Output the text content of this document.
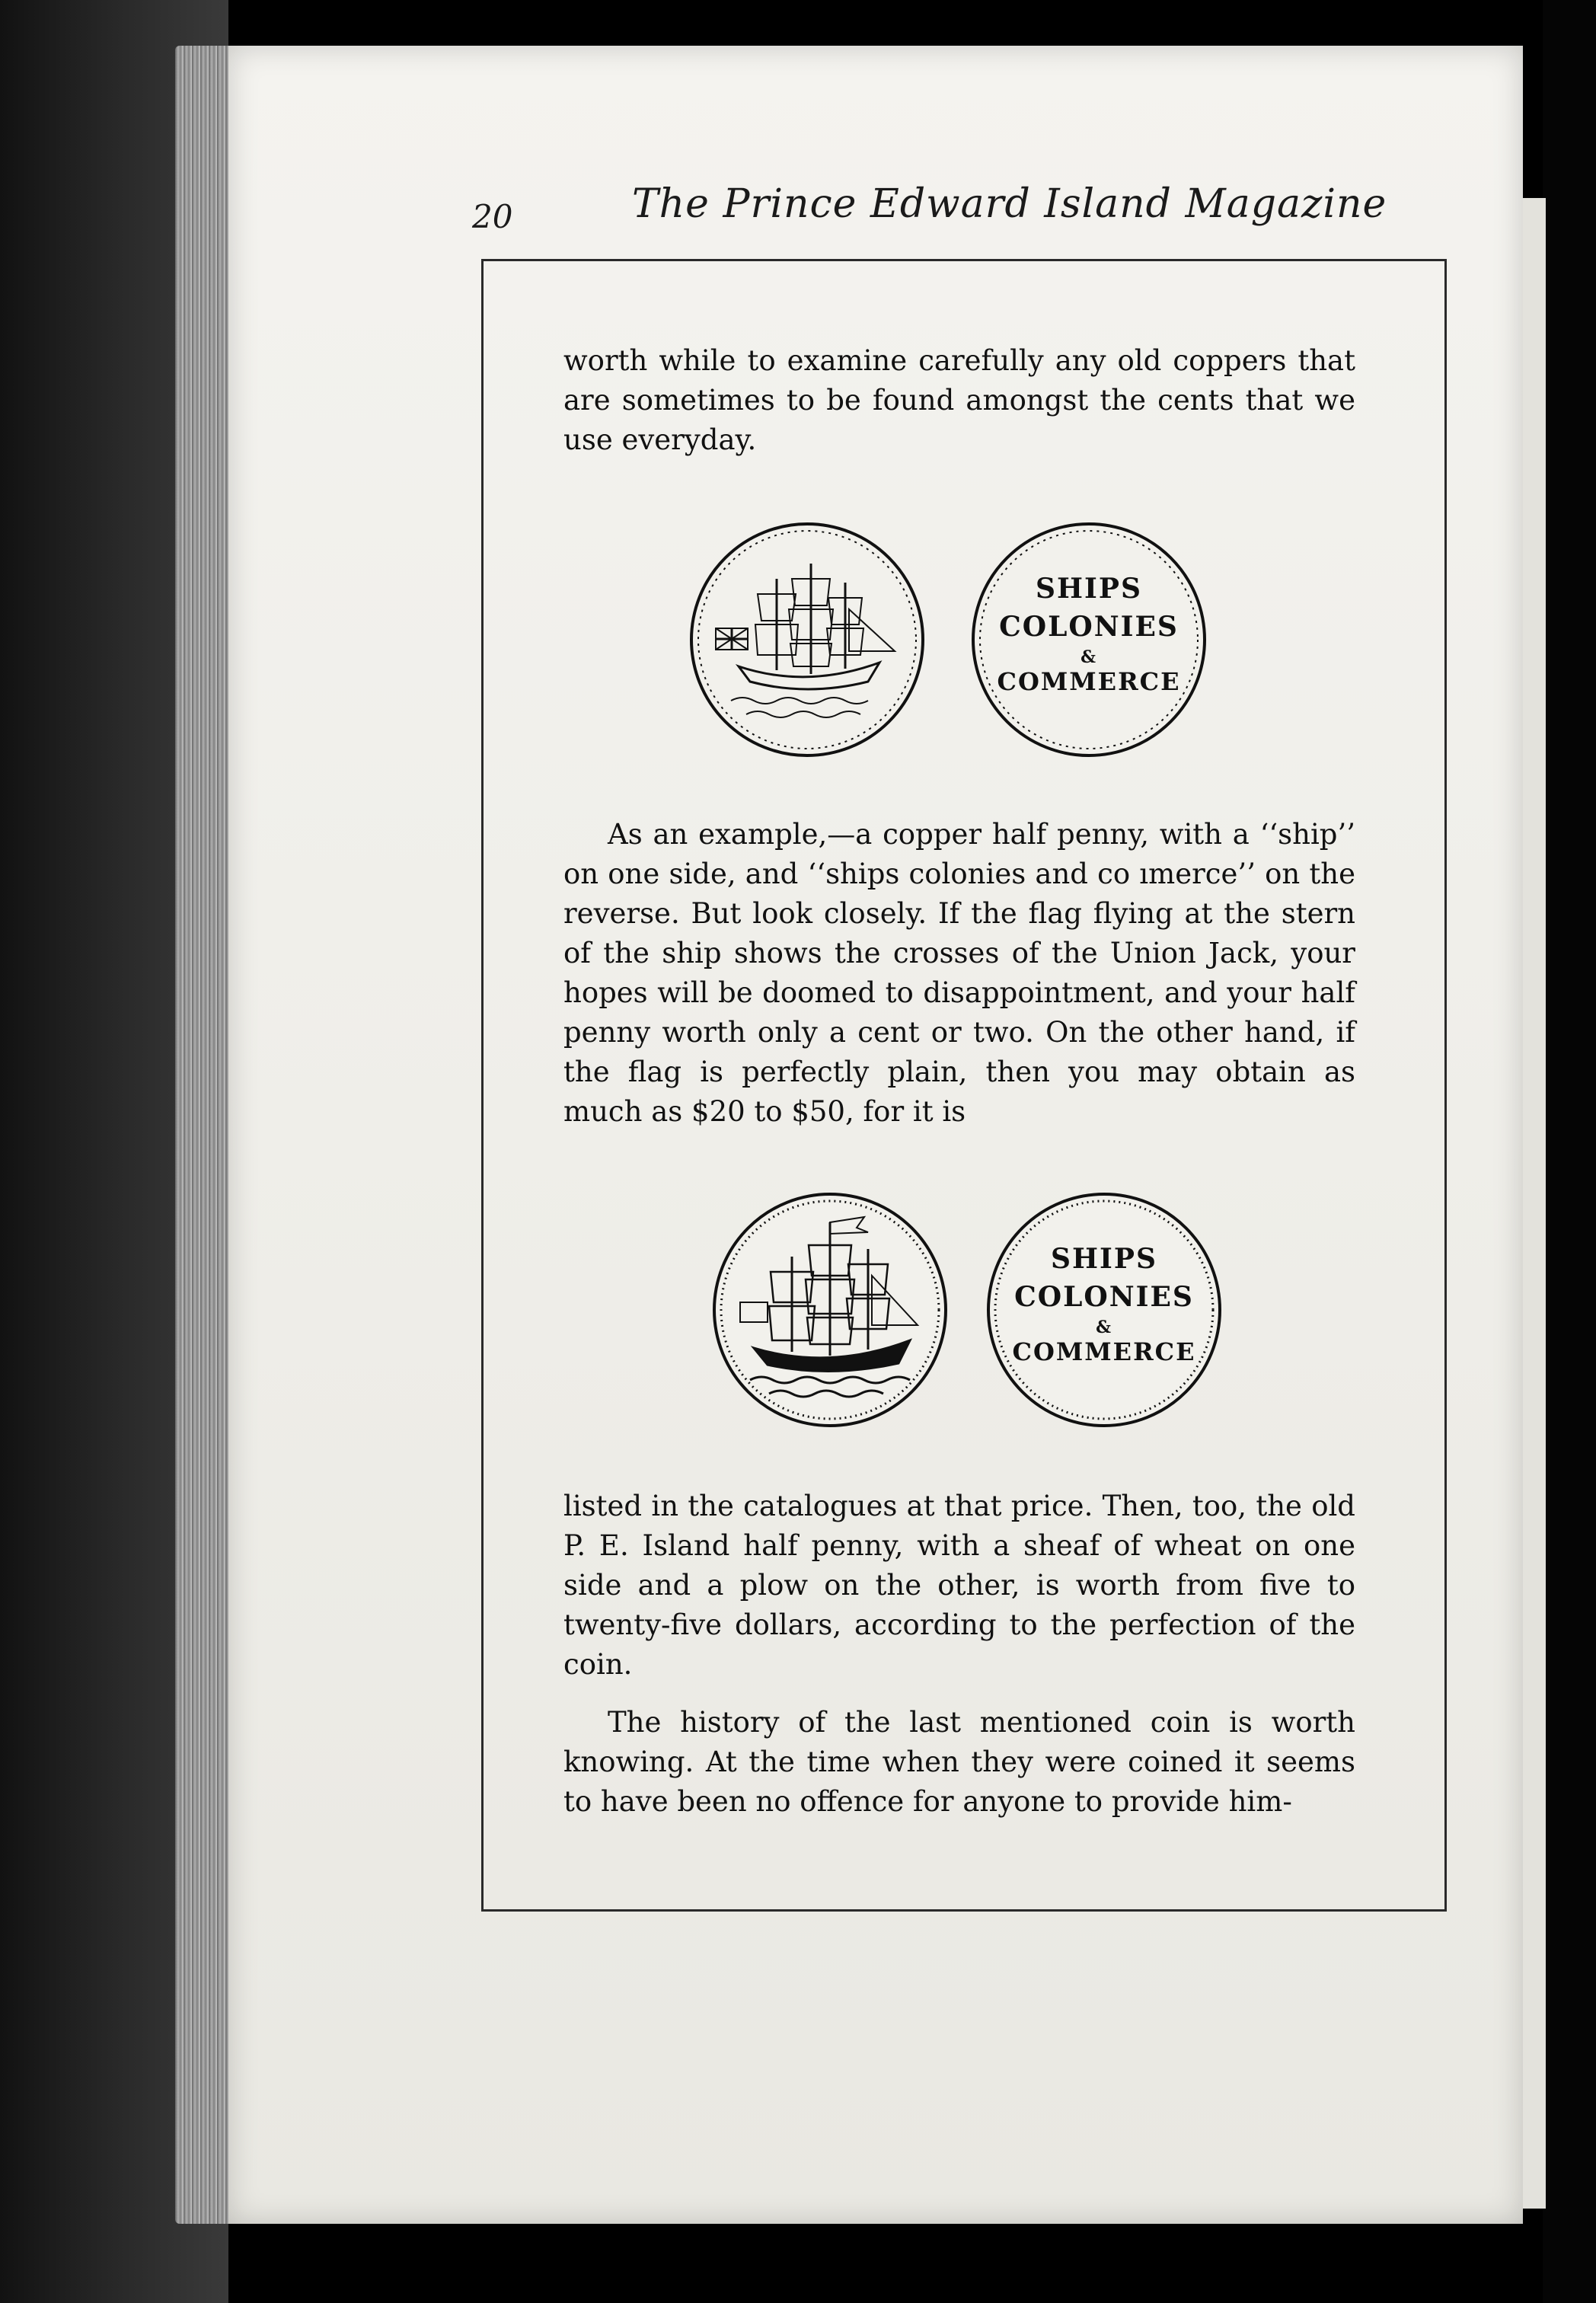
20	The Prince Edward Island Magazine

worth while to examine carefully any old coppers that are sometimes to be found amongst the cents that we use everyday.

SHIPS
COLONIES
&
COMMERCE

As an example,—a copper half penny, with a ‘‘ship’’ on one side, and ‘‘ships colonies and co ımerce’’ on the reverse. But look closely. If the flag flying at the stern of the ship shows the crosses of the Union Jack, your hopes will be doomed to disappointment, and your half penny worth only a cent or two. On the other hand, if the flag is perfectly plain, then you may obtain as much as $20 to $50, for it is

SHIPS
COLONIES
&
COMMERCE

listed in the catalogues at that price. Then, too, the old P. E. Island half penny, with a sheaf of wheat on one side and a plow on the other, is worth from five to twenty-five dollars, according to the perfection of the coin.

The history of the last mentioned coin is worth knowing. At the time when they were coined it seems to have been no offence for anyone to provide him-
